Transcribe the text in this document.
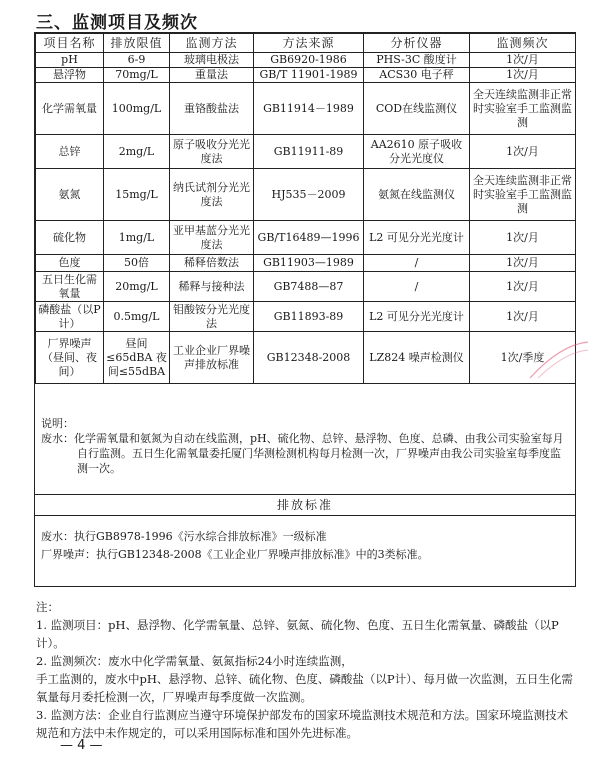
三、监测项目及频次
项目名称	排放限值	监测方法	方法来源	分析仪器	监测频次
pH	6-9	玻璃电极法	GB6920-1986	PHS-3C 酸度计	1次/月
悬浮物	70mg/L	重量法	GB/T 11901-1989	ACS30 电子秤	1次/月
化学需氧量	100mg/L	重铬酸盐法	GB11914－1989	COD在线监测仪	全天连续监测非正常时实验室手工监测监测
总锌	2mg/L	原子吸收分光光度法	GB11911-89	AA2610 原子吸收分光光度仪	1次/月
氨氮	15mg/L	纳氏试剂分光光度法	HJ535－2009	氨氮在线监测仪	全天连续监测非正常时实验室手工监测监测
硫化物	1mg/L	亚甲基蓝分光光度法	GB/T16489—1996	L2 可见分光光度计	1次/月
色度	50倍	稀释倍数法	GB11903—1989	/	1次/月
五日生化需氧量	20mg/L	稀释与接种法	GB7488—87	/	1次/月
磷酸盐（以P计）	0.5mg/L	钼酸铵分光光度法	GB11893-89	L2 可见分光光度计	1次/月
厂界噪声（昼间、夜间）	昼间≤65dBA 夜间≤55dBA	工业企业厂界噪声排放标准	GB12348-2008	LZ824 噪声检测仪	1次/季度
说明：
废水：化学需氧量和氨氮为自动在线监测，pH、硫化物、总锌、悬浮物、色度、总磷、由我公司实验室每月自行监测。五日生化需氧量委托厦门华测检测机构每月检测一次，厂界噪声由我公司实验室每季度监测一次。
排放标准
废水：执行GB8978-1996《污水综合排放标准》一级标准
厂界噪声：执行GB12348-2008《工业企业厂界噪声排放标准》中的3类标准。
注：
1. 监测项目：pH、悬浮物、化学需氧量、总锌、氨氮、硫化物、色度、五日生化需氧量、磷酸盐（以P计）。
2. 监测频次：废水中化学需氧量、氨氮指标24小时连续监测，
手工监测的，废水中pH、悬浮物、总锌、硫化物、色度、磷酸盐（以P计）、每月做一次监测，五日生化需氧量每月委托检测一次，厂界噪声每季度做一次监测。
3. 监测方法：企业自行监测应当遵守环境保护部发布的国家环境监测技术规范和方法。国家环境监测技术规范和方法中未作规定的，可以采用国际标准和国外先进标准。
— 4 —
